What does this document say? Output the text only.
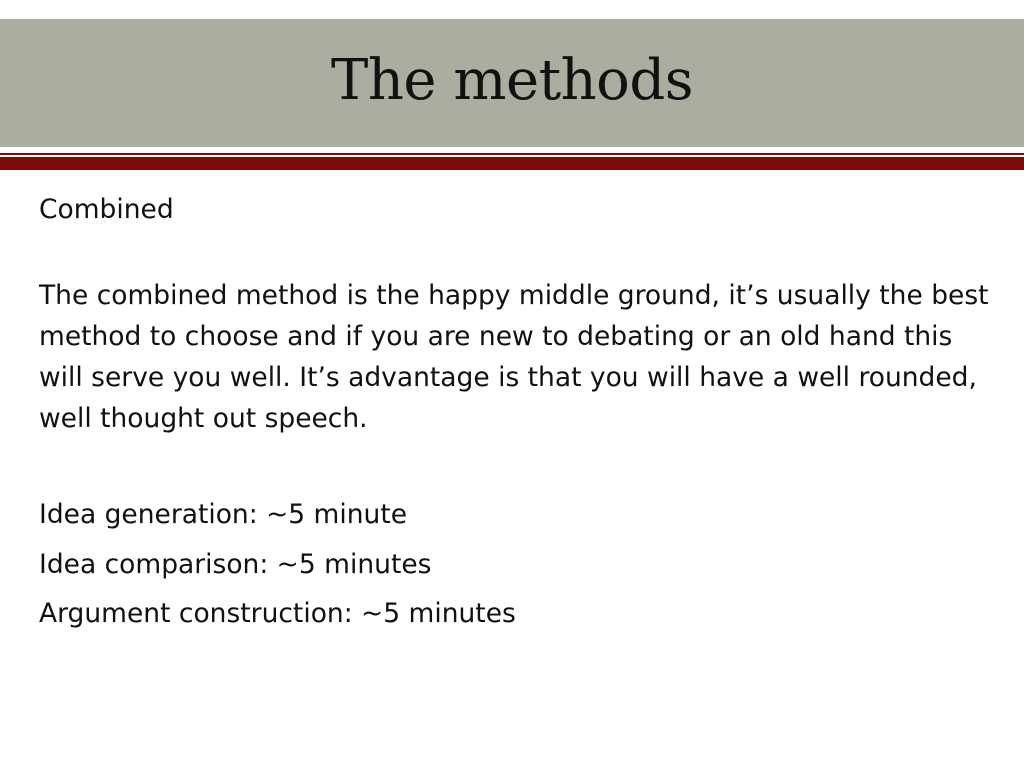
The methods

Combined

The combined method is the happy middle ground, it’s usually the best method to choose and if you are new to debating or an old hand this will serve you well. It’s advantage is that you will have a well rounded, well thought out speech.

Idea generation: ~5 minute

Idea comparison: ~5 minutes

Argument construction: ~5 minutes
